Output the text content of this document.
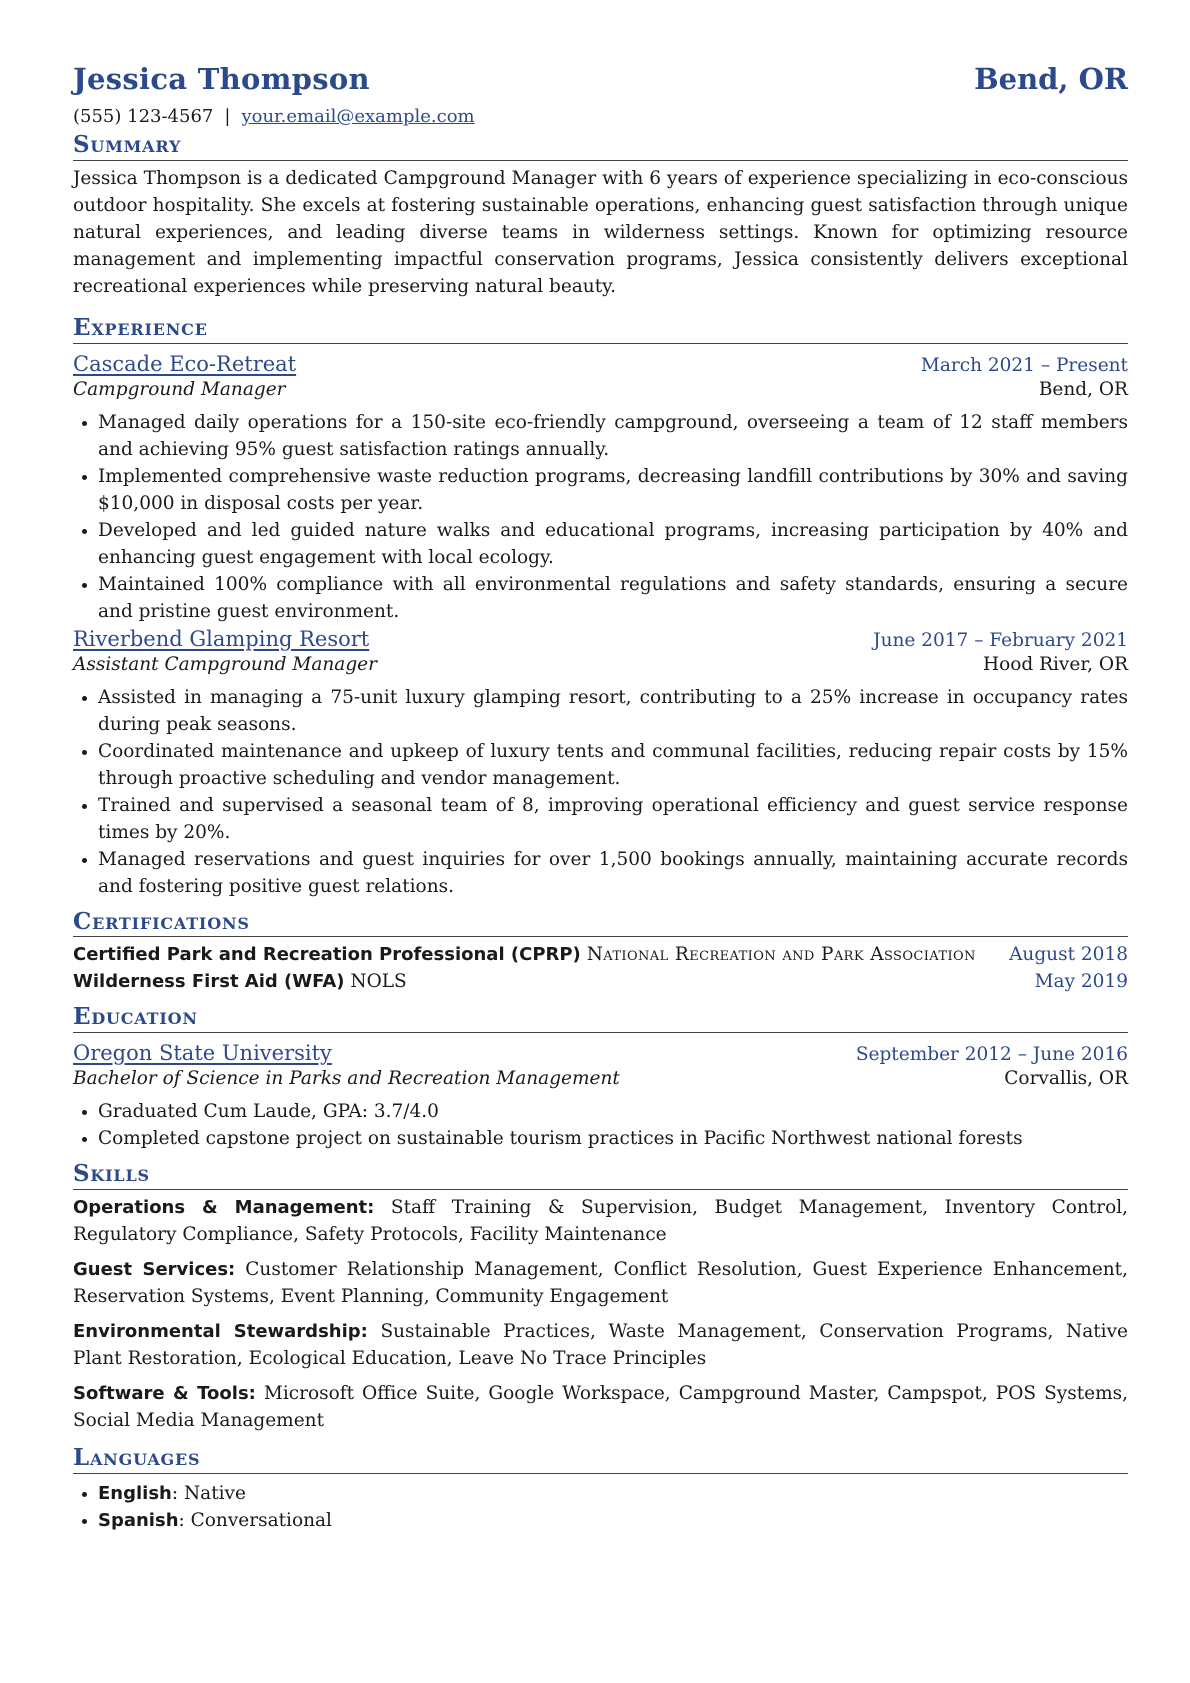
Jessica Thompson	Bend, OR
(555) 123-4567 | your.email@example.com
Summary

Jessica Thompson is a dedicated Campground Manager with 6 years of experience specializing in eco-conscious outdoor hospitality. She excels at fostering sustainable operations, enhancing guest satisfaction through unique natural experiences, and leading diverse teams in wilderness settings. Known for optimizing resource management and implementing impactful conservation programs, Jessica consistently delivers exceptional recreational experiences while preserving natural beauty.

Experience
Cascade Eco-Retreat	March 2021 – Present
Campground Manager	Bend, OR
• Managed daily operations for a 150-site eco-friendly campground, overseeing a team of 12 staff members and achieving 95% guest satisfaction ratings annually.
• Implemented comprehensive waste reduction programs, decreasing landfill contributions by 30% and saving $10,000 in disposal costs per year.
• Developed and led guided nature walks and educational programs, increasing participation by 40% and enhancing guest engagement with local ecology.
• Maintained 100% compliance with all environmental regulations and safety standards, ensuring a secure and pristine guest environment.
Riverbend Glamping Resort	June 2017 – February 2021
Assistant Campground Manager	Hood River, OR
• Assisted in managing a 75-unit luxury glamping resort, contributing to a 25% increase in occupancy rates during peak seasons.
• Coordinated maintenance and upkeep of luxury tents and communal facilities, reducing repair costs by 15% through proactive scheduling and vendor management.
• Trained and supervised a seasonal team of 8, improving operational efficiency and guest service response times by 20%.
• Managed reservations and guest inquiries for over 1,500 bookings annually, maintaining accurate records and fostering positive guest relations.
Certifications
Certified Park and Recreation Professional (CPRP) National Recreation and Park Association	August 2018
Wilderness First Aid (WFA) NOLS	May 2019
Education
Oregon State University	September 2012 – June 2016
Bachelor of Science in Parks and Recreation Management	Corvallis, OR
• Graduated Cum Laude, GPA: 3.7/4.0
• Completed capstone project on sustainable tourism practices in Pacific Northwest national forests
Skills
Operations & Management: Staff Training & Supervision, Budget Management, Inventory Control, Regulatory Compliance, Safety Protocols, Facility Maintenance
Guest Services: Customer Relationship Management, Conflict Resolution, Guest Experience Enhancement, Reservation Systems, Event Planning, Community Engagement
Environmental Stewardship: Sustainable Practices, Waste Management, Conservation Programs, Native Plant Restoration, Ecological Education, Leave No Trace Principles
Software & Tools: Microsoft Office Suite, Google Workspace, Campground Master, Campspot, POS Systems, Social Media Management
Languages
• English: Native
• Spanish: Conversational
